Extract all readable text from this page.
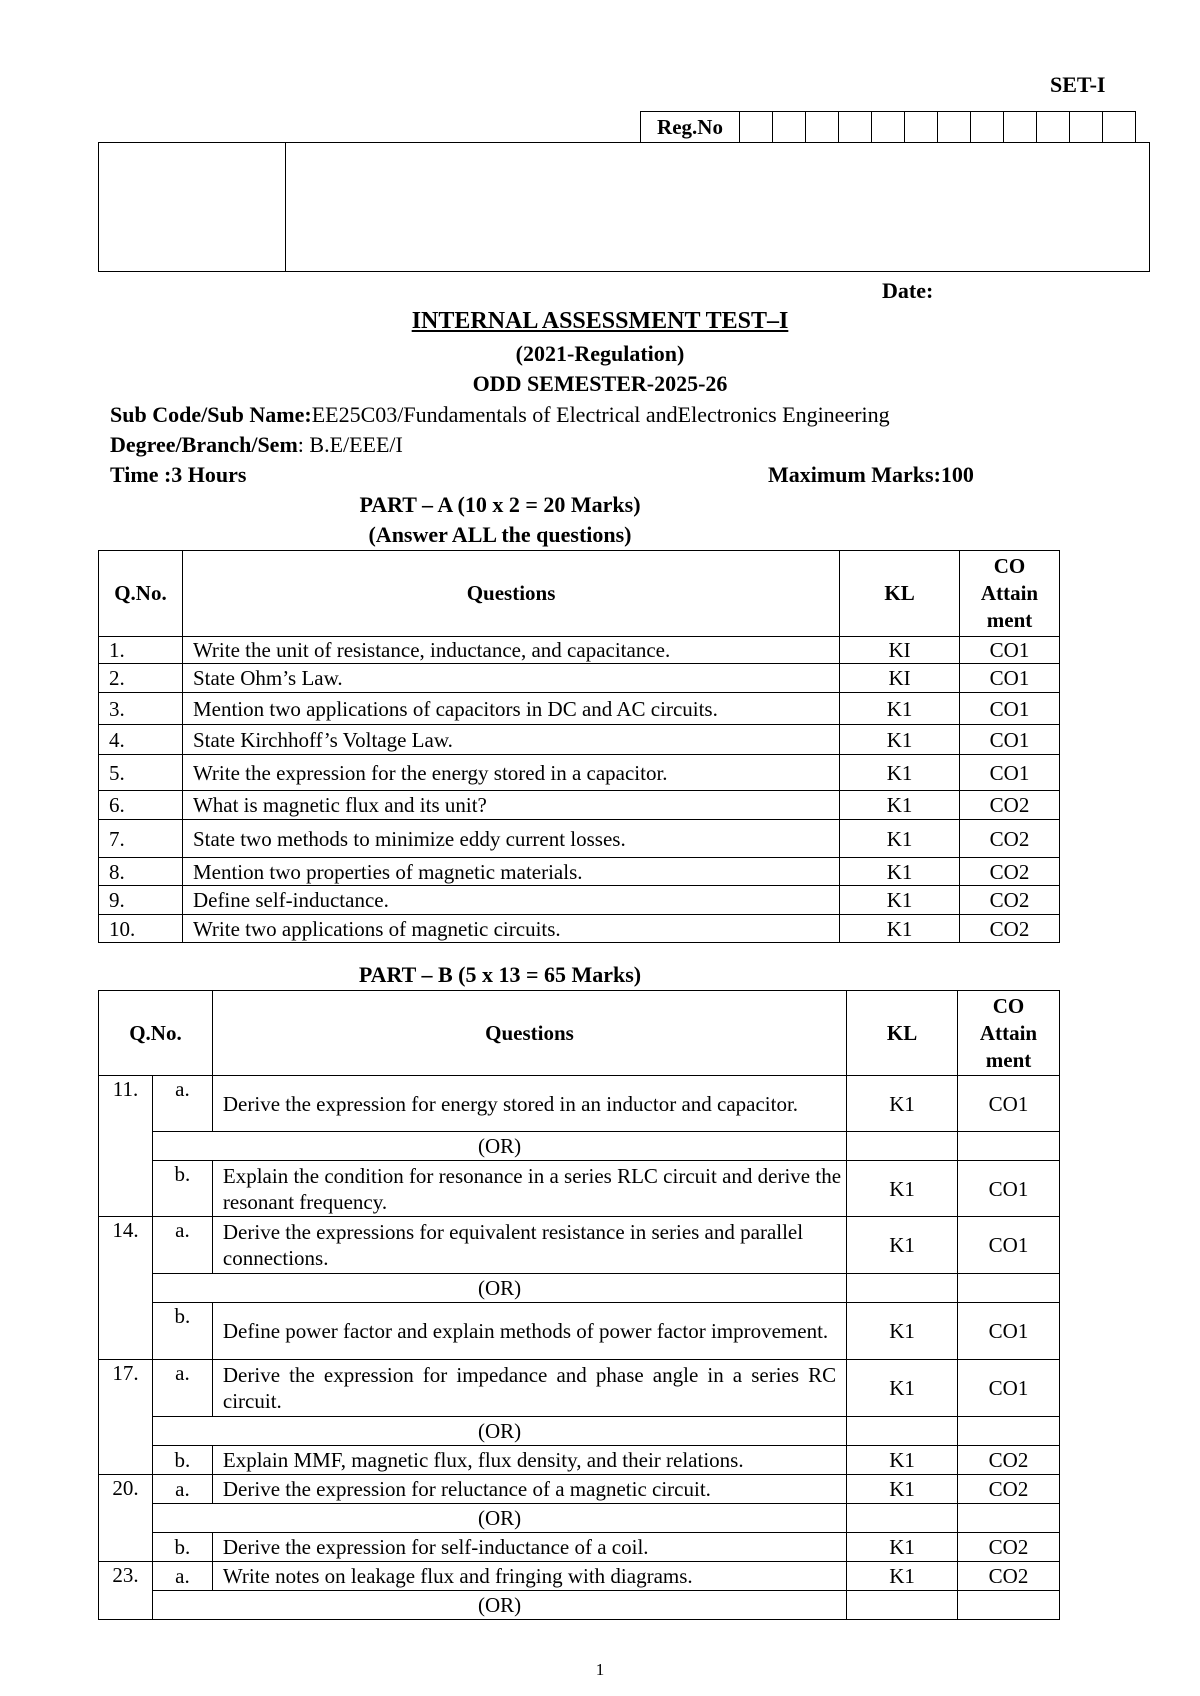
SET-I
Reg.No												
Date:
INTERNAL ASSESSMENT TEST–I
(2021-Regulation)
ODD SEMESTER-2025-26
Sub Code/Sub Name:EE25C03/Fundamentals of Electrical andElectronics Engineering
Degree/Branch/Sem: B.E/EEE/I
Time :3 Hours	Maximum Marks:100
PART – A (10 x 2 = 20 Marks)
(Answer ALL the questions)
Q.No.	Questions	KL	CO
Attain
ment
1.	Write the unit of resistance, inductance, and capacitance.	KI	CO1
2.	State Ohm’s Law.	KI	CO1
3.	Mention two applications of capacitors in DC and AC circuits.	K1	CO1
4.	State Kirchhoff’s Voltage Law.	K1	CO1
5.	Write the expression for the energy stored in a capacitor.	K1	CO1
6.	What is magnetic flux and its unit?	K1	CO2
7.	State two methods to minimize eddy current losses.	K1	CO2
8.	Mention two properties of magnetic materials.	K1	CO2
9.	Define self-inductance.	K1	CO2
10.	Write two applications of magnetic circuits.	K1	CO2
PART – B (5 x 13 = 65 Marks)
Q.No.		Questions	KL	CO
Attain
ment
11.	a.	Derive the expression for energy stored in an inductor and capacitor.	K1	CO1
	(OR)			
	b.	Explain the condition for resonance in a series RLC circuit and derive the resonant frequency.	K1	CO1
14.	a.	Derive the expressions for equivalent resistance in series and parallel connections.	K1	CO1
	(OR)			
	b.	Define power factor and explain methods of power factor improvement.	K1	CO1
17.	a.	Derive the expression for impedance and phase angle in a series RC circuit.	K1	CO1
	(OR)			
	b.	Explain MMF, magnetic flux, flux density, and their relations.	K1	CO2
20.	a.	Derive the expression for reluctance of a magnetic circuit.	K1	CO2
	(OR)			
	b.	Derive the expression for self-inductance of a coil.	K1	CO2
23.	a.	Write notes on leakage flux and fringing with diagrams.	K1	CO2
	(OR)			
1
